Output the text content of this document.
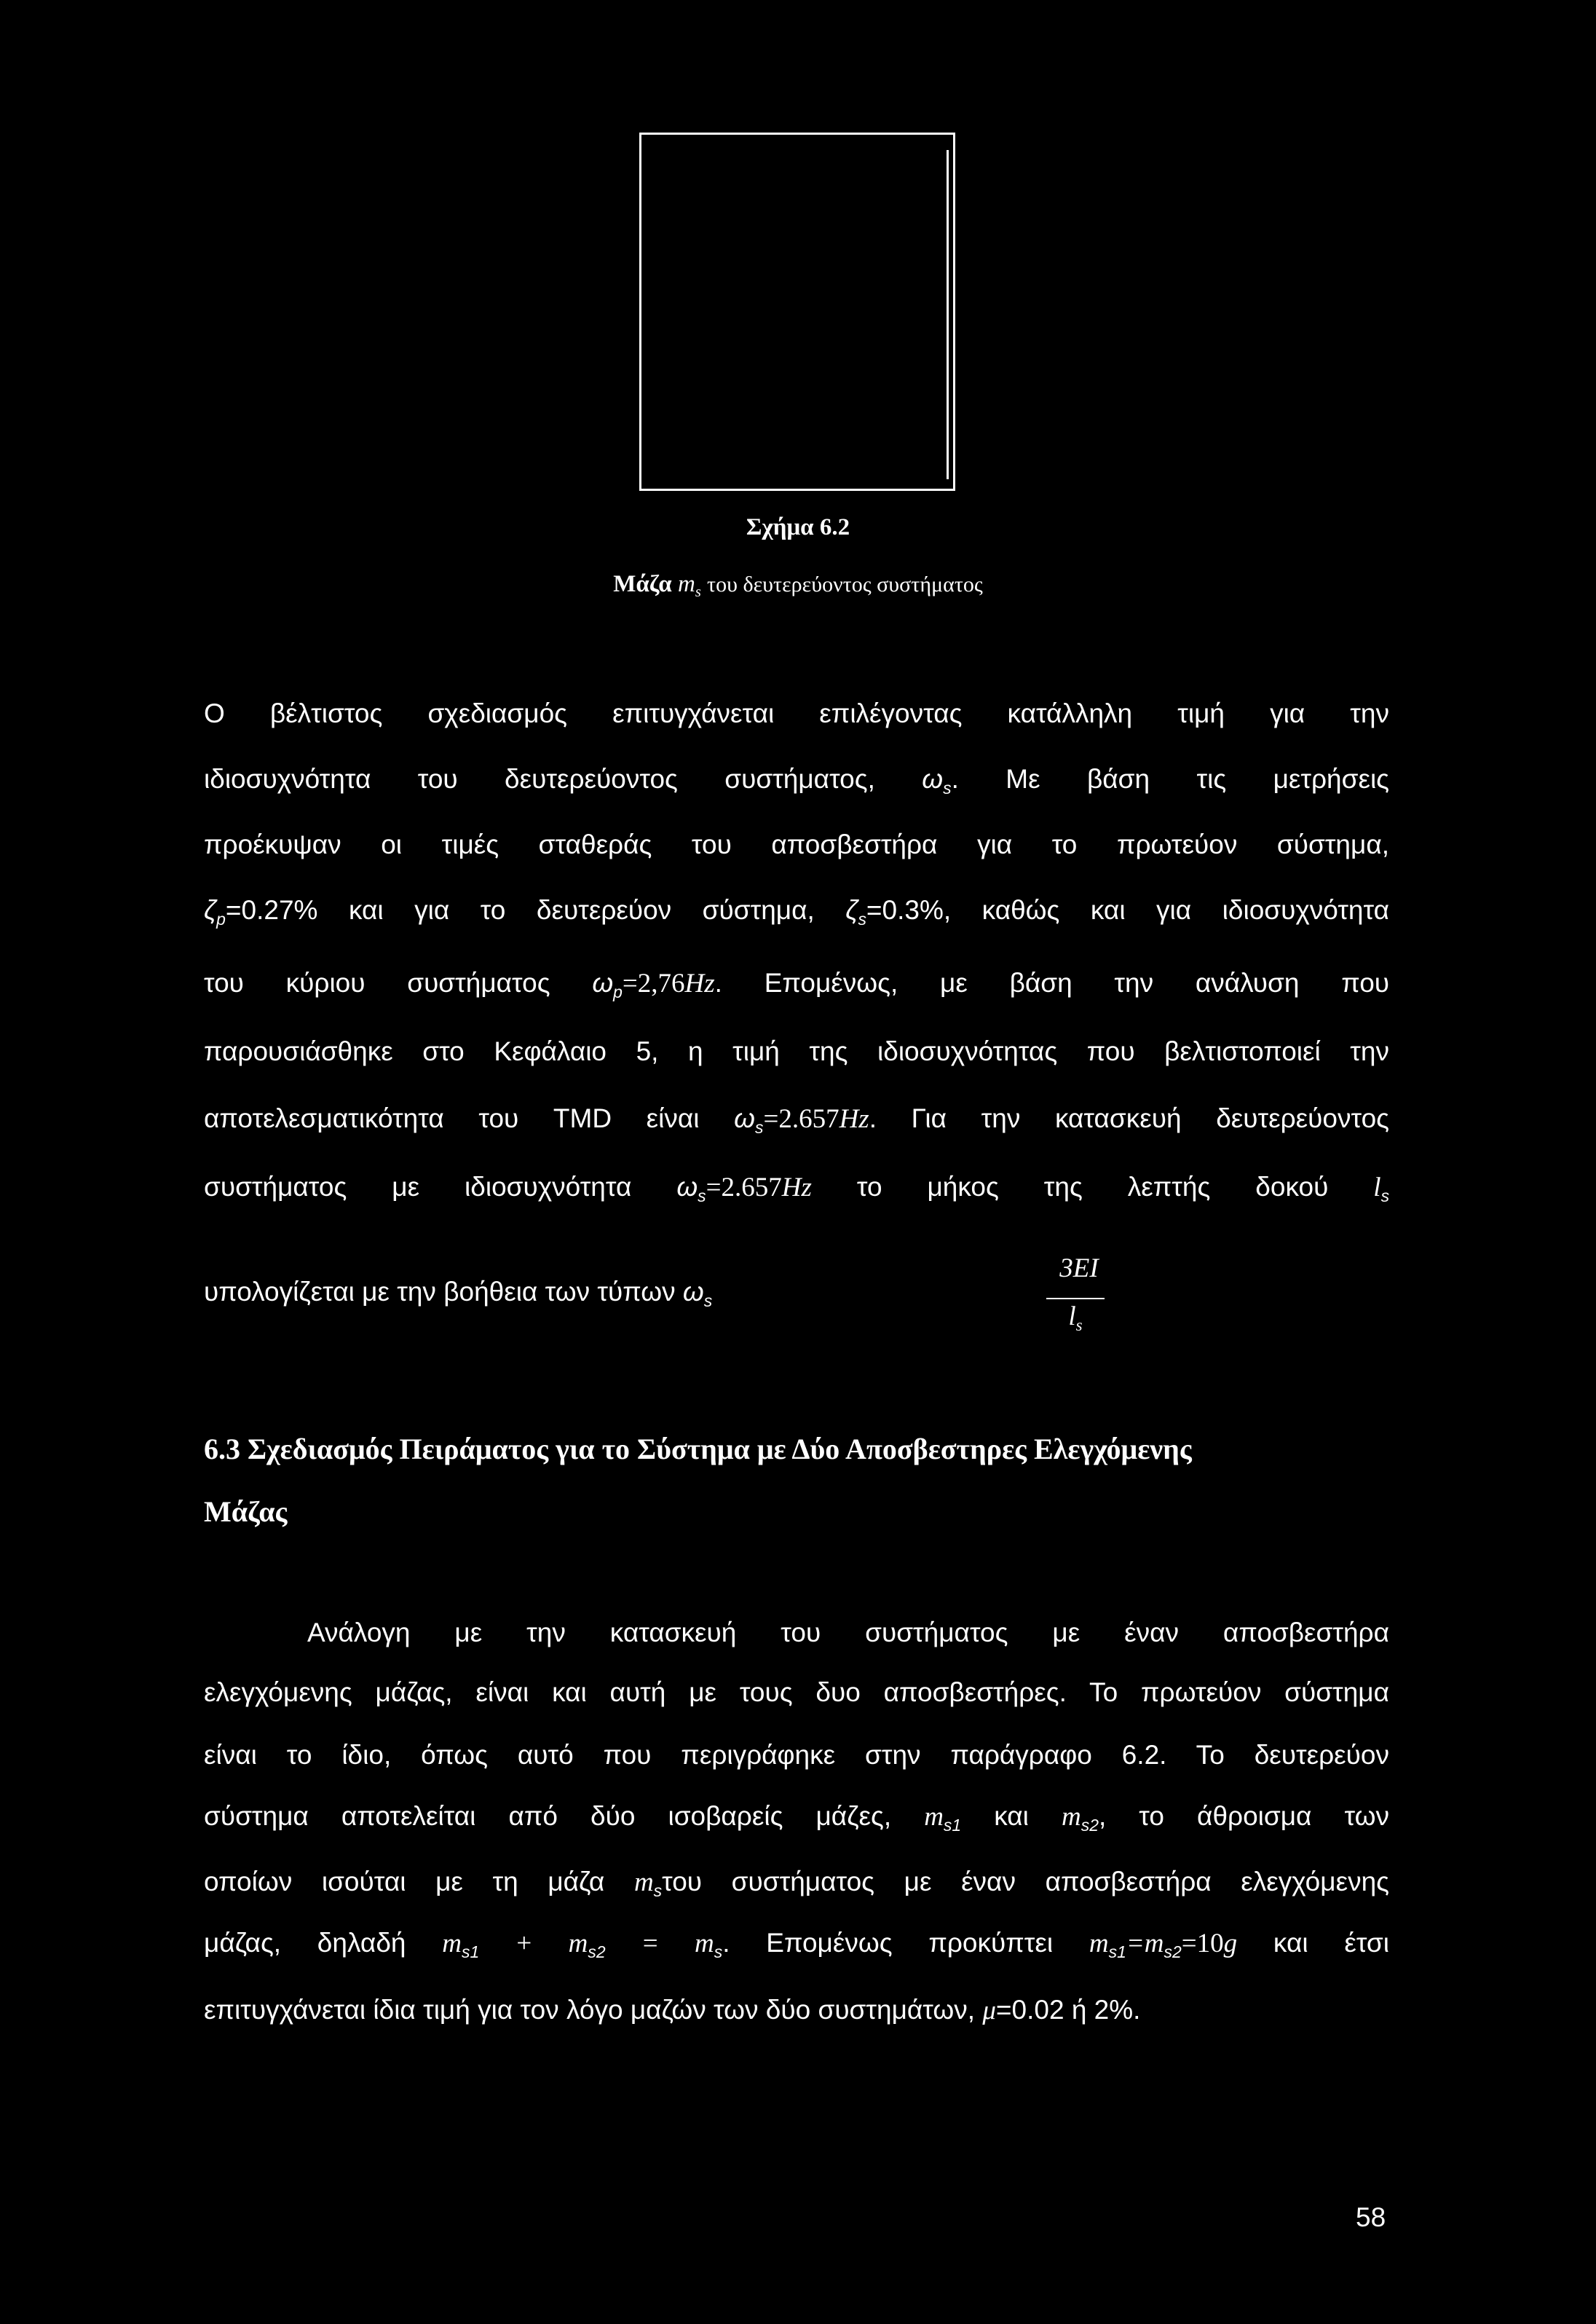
Σχήμα 6.2
Μάζα $m_s$ του δευτερεύοντος συστήματος
Ο βέλτιστος σχεδιασμός επιτυγχάνεται επιλέγοντας κατάλληλη τιμή για την
ιδιοσυχνότητα του δευτερεύοντος συστήματος, $\omega_s$. Με βάση τις μετρήσεις
προέκυψαν οι τιμές σταθεράς του αποσβεστήρα για το πρωτεύον σύστημα,
$\zeta_p=0.27\%$ και για το δευτερεύον σύστημα, $\zeta_s=0.3\%$, καθώς και για ιδιοσυχνότητα
του κύριου συστήματος $\omega_p=2,76Hz$. Επομένως, με βάση την ανάλυση που
παρουσιάσθηκε στο Κεφάλαιο 5, η τιμή της ιδιοσυχνότητας που βελτιστοποιεί την
αποτελεσματικότητα του TMD είναι $\omega_s=2.657Hz$. Για την κατασκευή δευτερεύοντος
συστήματος με ιδιοσυχνότητα $\omega_s=2.657Hz$ το μήκος της λεπτής δοκού $l_s$
υπολογίζεται με την βοήθεια των τύπων $\omega_s$
3EI
$l_s$
6.3 Σχεδιασμός Πειράματος για το Σύστημα με Δύο Αποσβεστηρες Ελεγχόμενης
Μάζας
Ανάλογη με την κατασκευή του συστήματος με έναν αποσβεστήρα
ελεγχόμενης μάζας, είναι και αυτή με τους δυο αποσβεστήρες. Το πρωτεύον σύστημα
είναι το ίδιο, όπως αυτό που περιγράφηκε στην παράγραφο 6.2. Το δευτερεύον
σύστημα αποτελείται από δύο ισοβαρείς μάζες, $m_{s1}$ και $m_{s2}$, το άθροισμα των
οποίων ισούται με τη μάζα $m_s\tau o\upsilon$ συστήματος με έναν αποσβεστήρα ελεγχόμενης
μάζας, δηλαδή $m_{s1} + m_{s2} = m_s$. Επομένως προκύπτει $m_{s1}=m_{s2}=10g$ και έτσι
επιτυγχάνεται ίδια τιμή για τον λόγο μαζών των δύο συστημάτων, μ=0.02 ή 2%.
58
